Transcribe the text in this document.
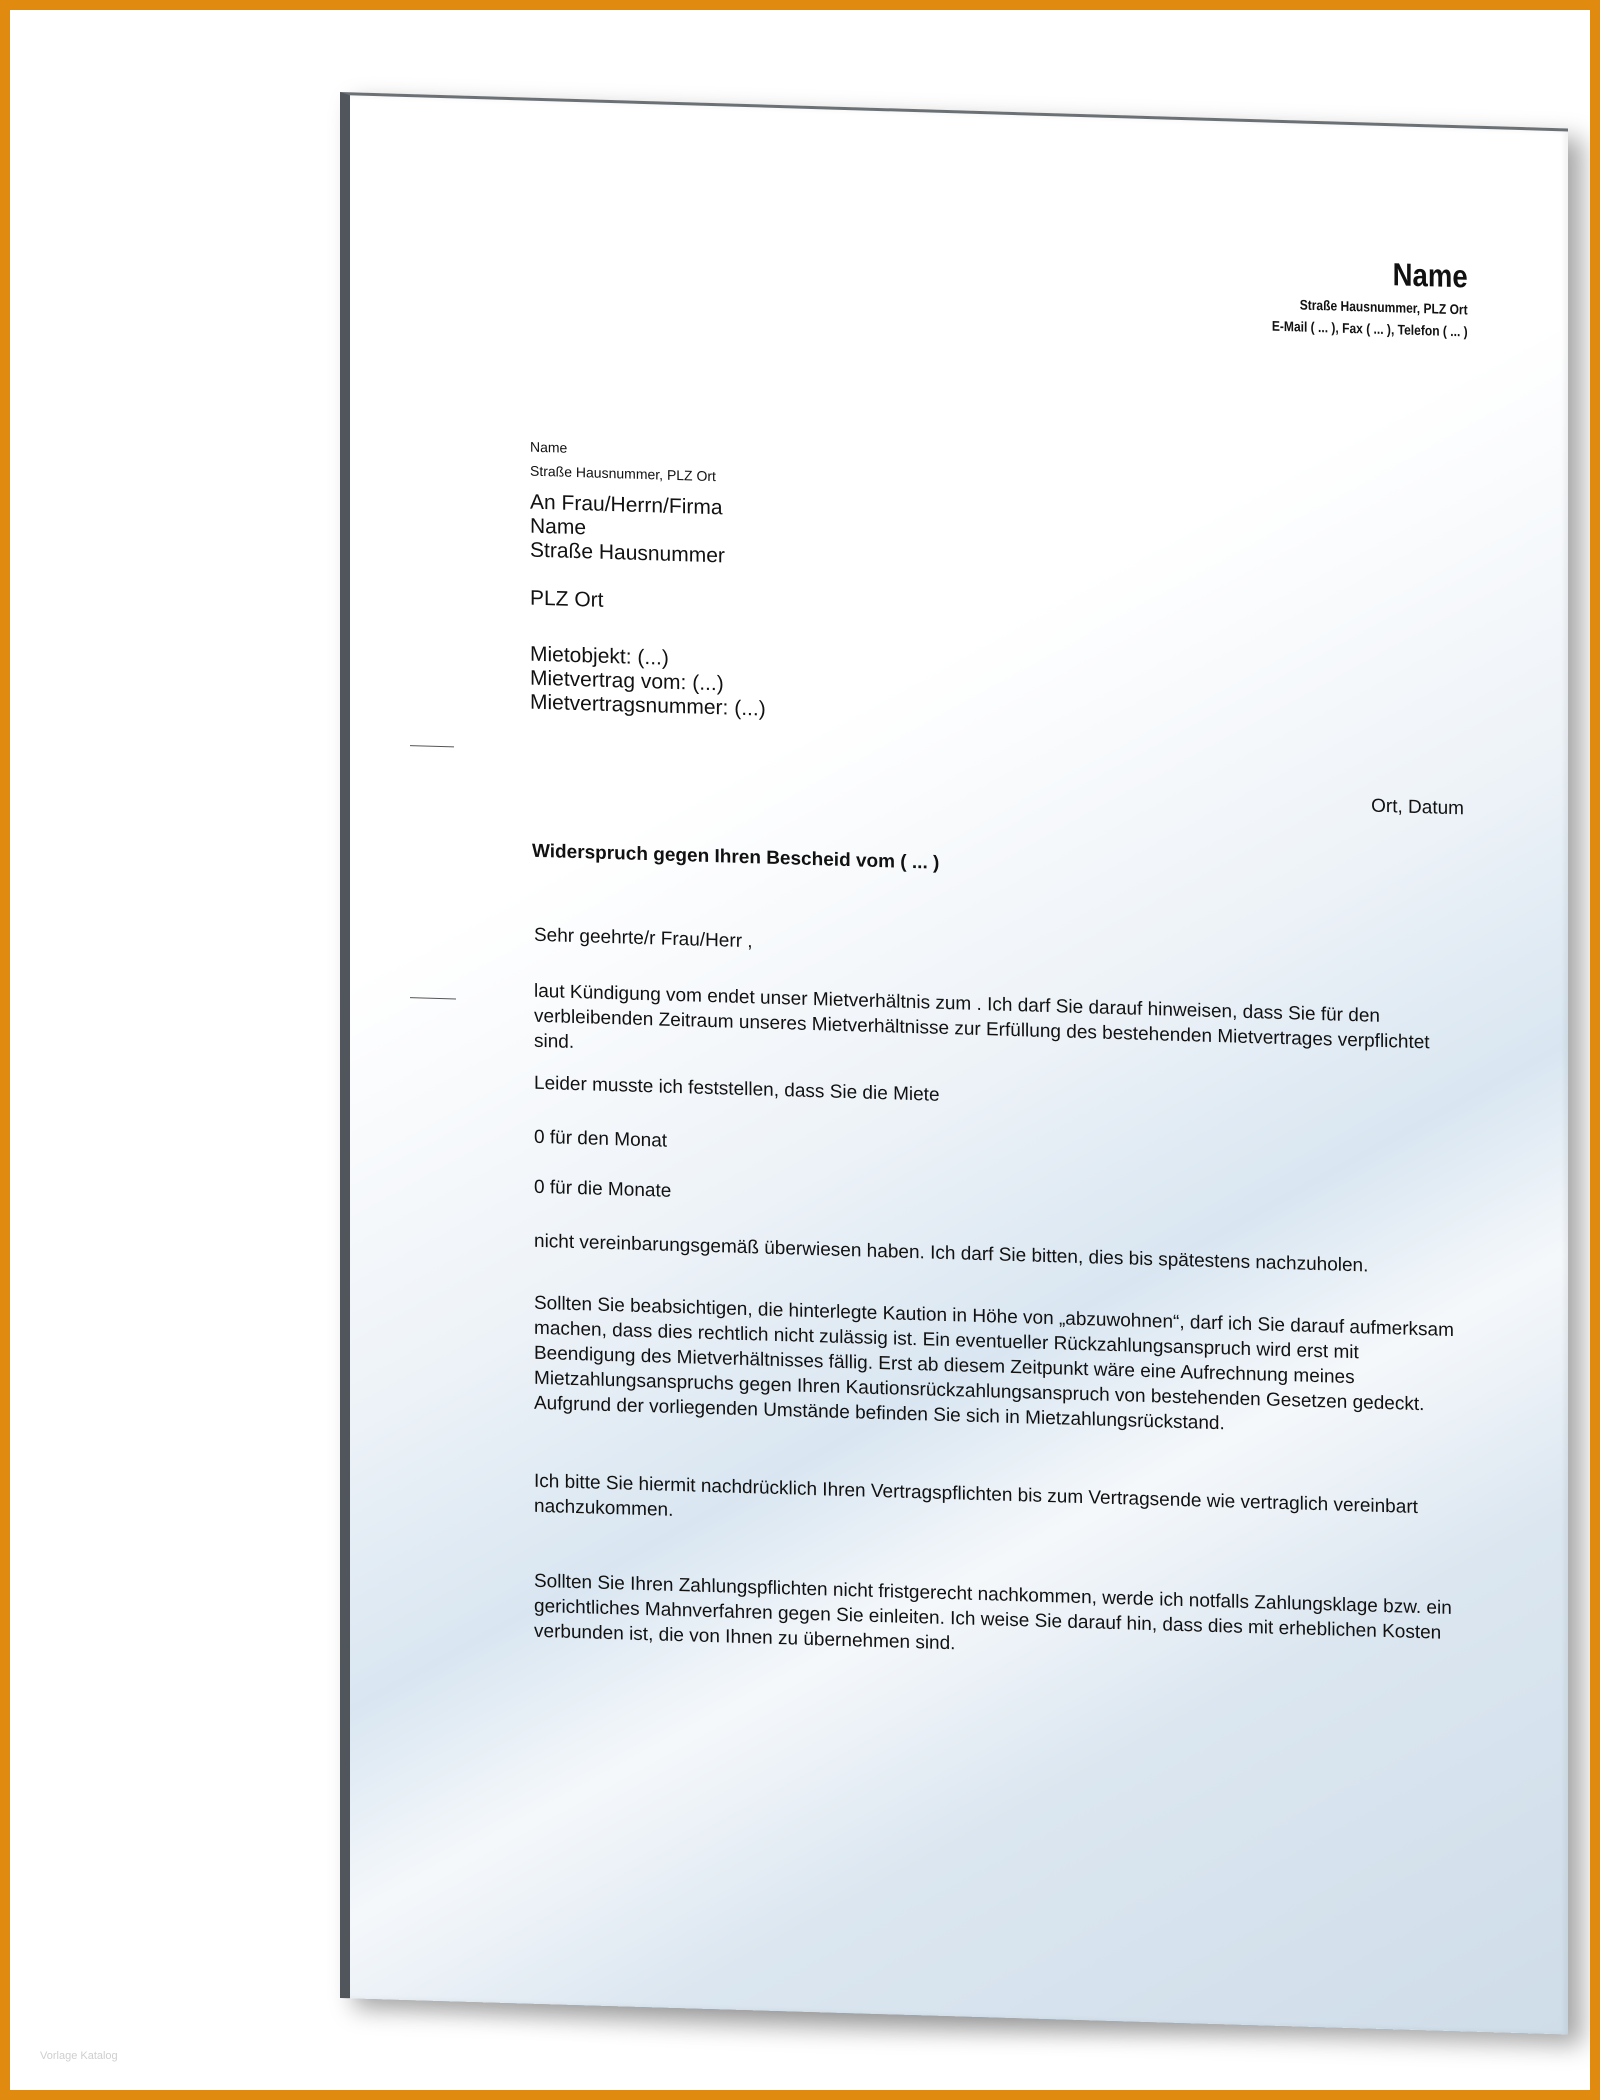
Name
Straße Hausnummer, PLZ Ort
E-Mail ( ... ), Fax ( ... ), Telefon ( ... )
Name
Straße Hausnummer, PLZ Ort
An Frau/Herrn/Firma
Name
Straße Hausnummer
PLZ Ort
Mietobjekt: (...)
Mietvertrag vom: (...)
Mietvertragsnummer: (...)
Ort, Datum
Widerspruch gegen Ihren Bescheid vom ( ... )
Sehr geehrte/r Frau/Herr ,
laut Kündigung vom endet unser Mietverhältnis zum . Ich darf Sie darauf hinweisen, dass Sie für den verbleibenden Zeitraum unseres Mietverhältnisse zur Erfüllung des bestehenden Mietvertrages verpflichtet sind.
Leider musste ich feststellen, dass Sie die Miete
0 für den Monat
0 für die Monate
nicht vereinbarungsgemäß überwiesen haben. Ich darf Sie bitten, dies bis spätestens nachzuholen.
Sollten Sie beabsichtigen, die hinterlegte Kaution in Höhe von „abzuwohnen“, darf ich Sie darauf aufmerksam machen, dass dies rechtlich nicht zulässig ist. Ein eventueller Rückzahlungsanspruch wird erst mit Beendigung des Mietverhältnisses fällig. Erst ab diesem Zeitpunkt wäre eine Aufrechnung meines Mietzahlungsanspruchs gegen Ihren Kautionsrückzahlungsanspruch von bestehenden Gesetzen gedeckt. Aufgrund der vorliegenden Umstände befinden Sie sich in Mietzahlungsrückstand.
Ich bitte Sie hiermit nachdrücklich Ihren Vertragspflichten bis zum Vertragsende wie vertraglich vereinbart nachzukommen.
Sollten Sie Ihren Zahlungspflichten nicht fristgerecht nachkommen, werde ich notfalls Zahlungsklage bzw. ein gerichtliches Mahnverfahren gegen Sie einleiten. Ich weise Sie darauf hin, dass dies mit erheblichen Kosten verbunden ist, die von Ihnen zu übernehmen sind.
Vorlage Katalog
